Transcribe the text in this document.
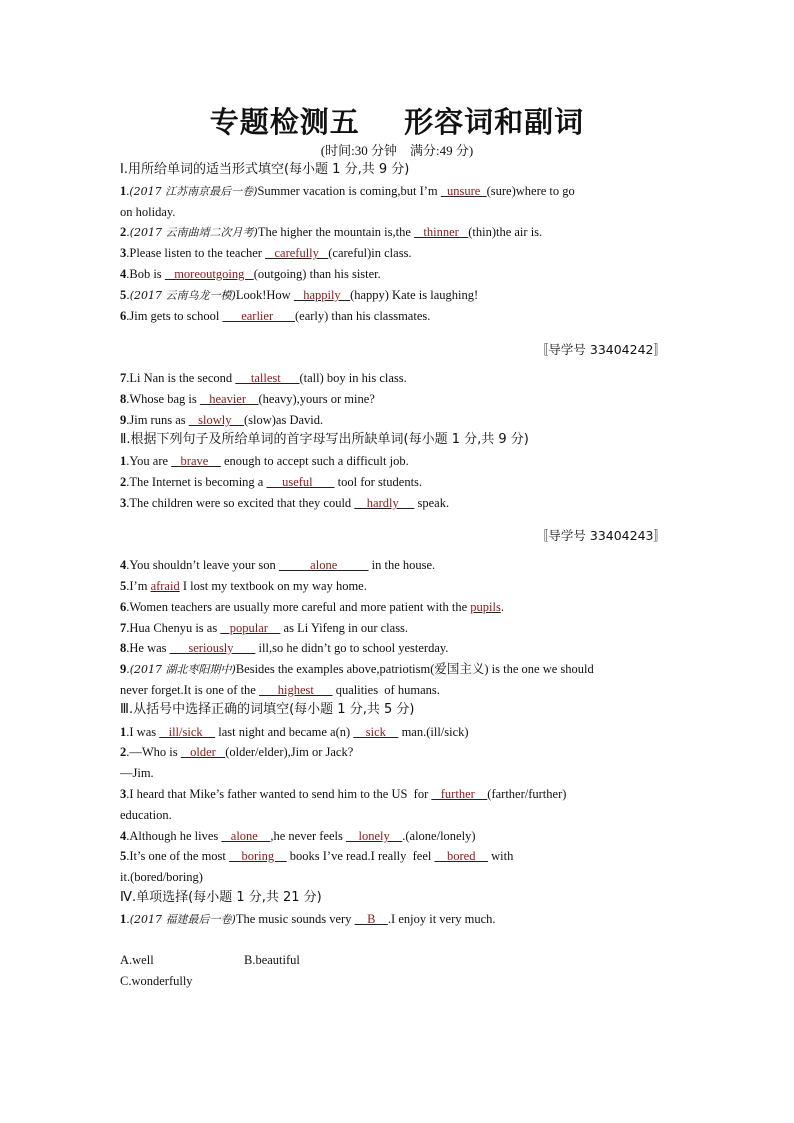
专题检测五    形容词和副词
(时间:30 分钟    满分:49 分)
Ⅰ.用所给单词的适当形式填空(每小题 1 分,共 9 分)
1.(2017 江苏南京最后一卷)Summer vacation is coming,but I’m   unsure  (sure)where to go
on holiday.
2.(2017 云南曲靖二次月考)The higher the mountain is,the    thinner   (thin)the air is.
3.Please listen to the teacher    carefully   (careful)in class.
4.Bob is    moreoutgoing   (outgoing) than his sister.
5.(2017 云南乌龙一模)Look!How    happily   (happy) Kate is laughing!
6.Jim gets to school       earlier       (early) than his classmates.
〚导学号 33404242〛
7.Li Nan is the second      tallest      (tall) boy in his class.
8.Whose bag is    heavier    (heavy),yours or mine?
9.Jim runs as    slowly    (slow)as David.
Ⅱ.根据下列句子及所给单词的首字母写出所缺单词(每小题 1 分,共 9 分)
1.You are    brave     enough to accept such a difficult job.
2.The Internet is becoming a      useful        tool for students.
3.The children were so excited that they could     hardly      speak.
〚导学号 33404243〛
4.You shouldn’t leave your son           alone           in the house.
5.I’m afraid I lost my textbook on my way home.
6.Women teachers are usually more careful and more patient with the pupils.
7.Hua Chenyu is as    popular     as Li Yifeng in our class.
8.He was       seriously        ill,so he didn’t go to school yesterday.
9.(2017 湖北枣阳期中)Besides the examples above,patriotism(爱国主义) is the one we should
never forget.It is one of the       highest       qualities  of humans.
Ⅲ.从括号中选择正确的词填空(每小题 1 分,共 5 分)
1.I was    ill/sick     last night and became a(n)     sick     man.(ill/sick)
2.—Who is    older   (older/elder),Jim or Jack?
—Jim.
3.I heard that Mike’s father wanted to send him to the US  for    further    (farther/further)
education.
4.Although he lives    alone    ,he never feels     lonely    .(alone/lonely)
5.It’s one of the most     boring     books I’ve read.I really  feel     bored     with
it.(bored/boring)
Ⅳ.单项选择(每小题 1 分,共 21 分)
1.(2017 福建最后一卷)The music sounds very     B    .I enjoy it very much.
A.well	B.beautiful
C.wonderfully
